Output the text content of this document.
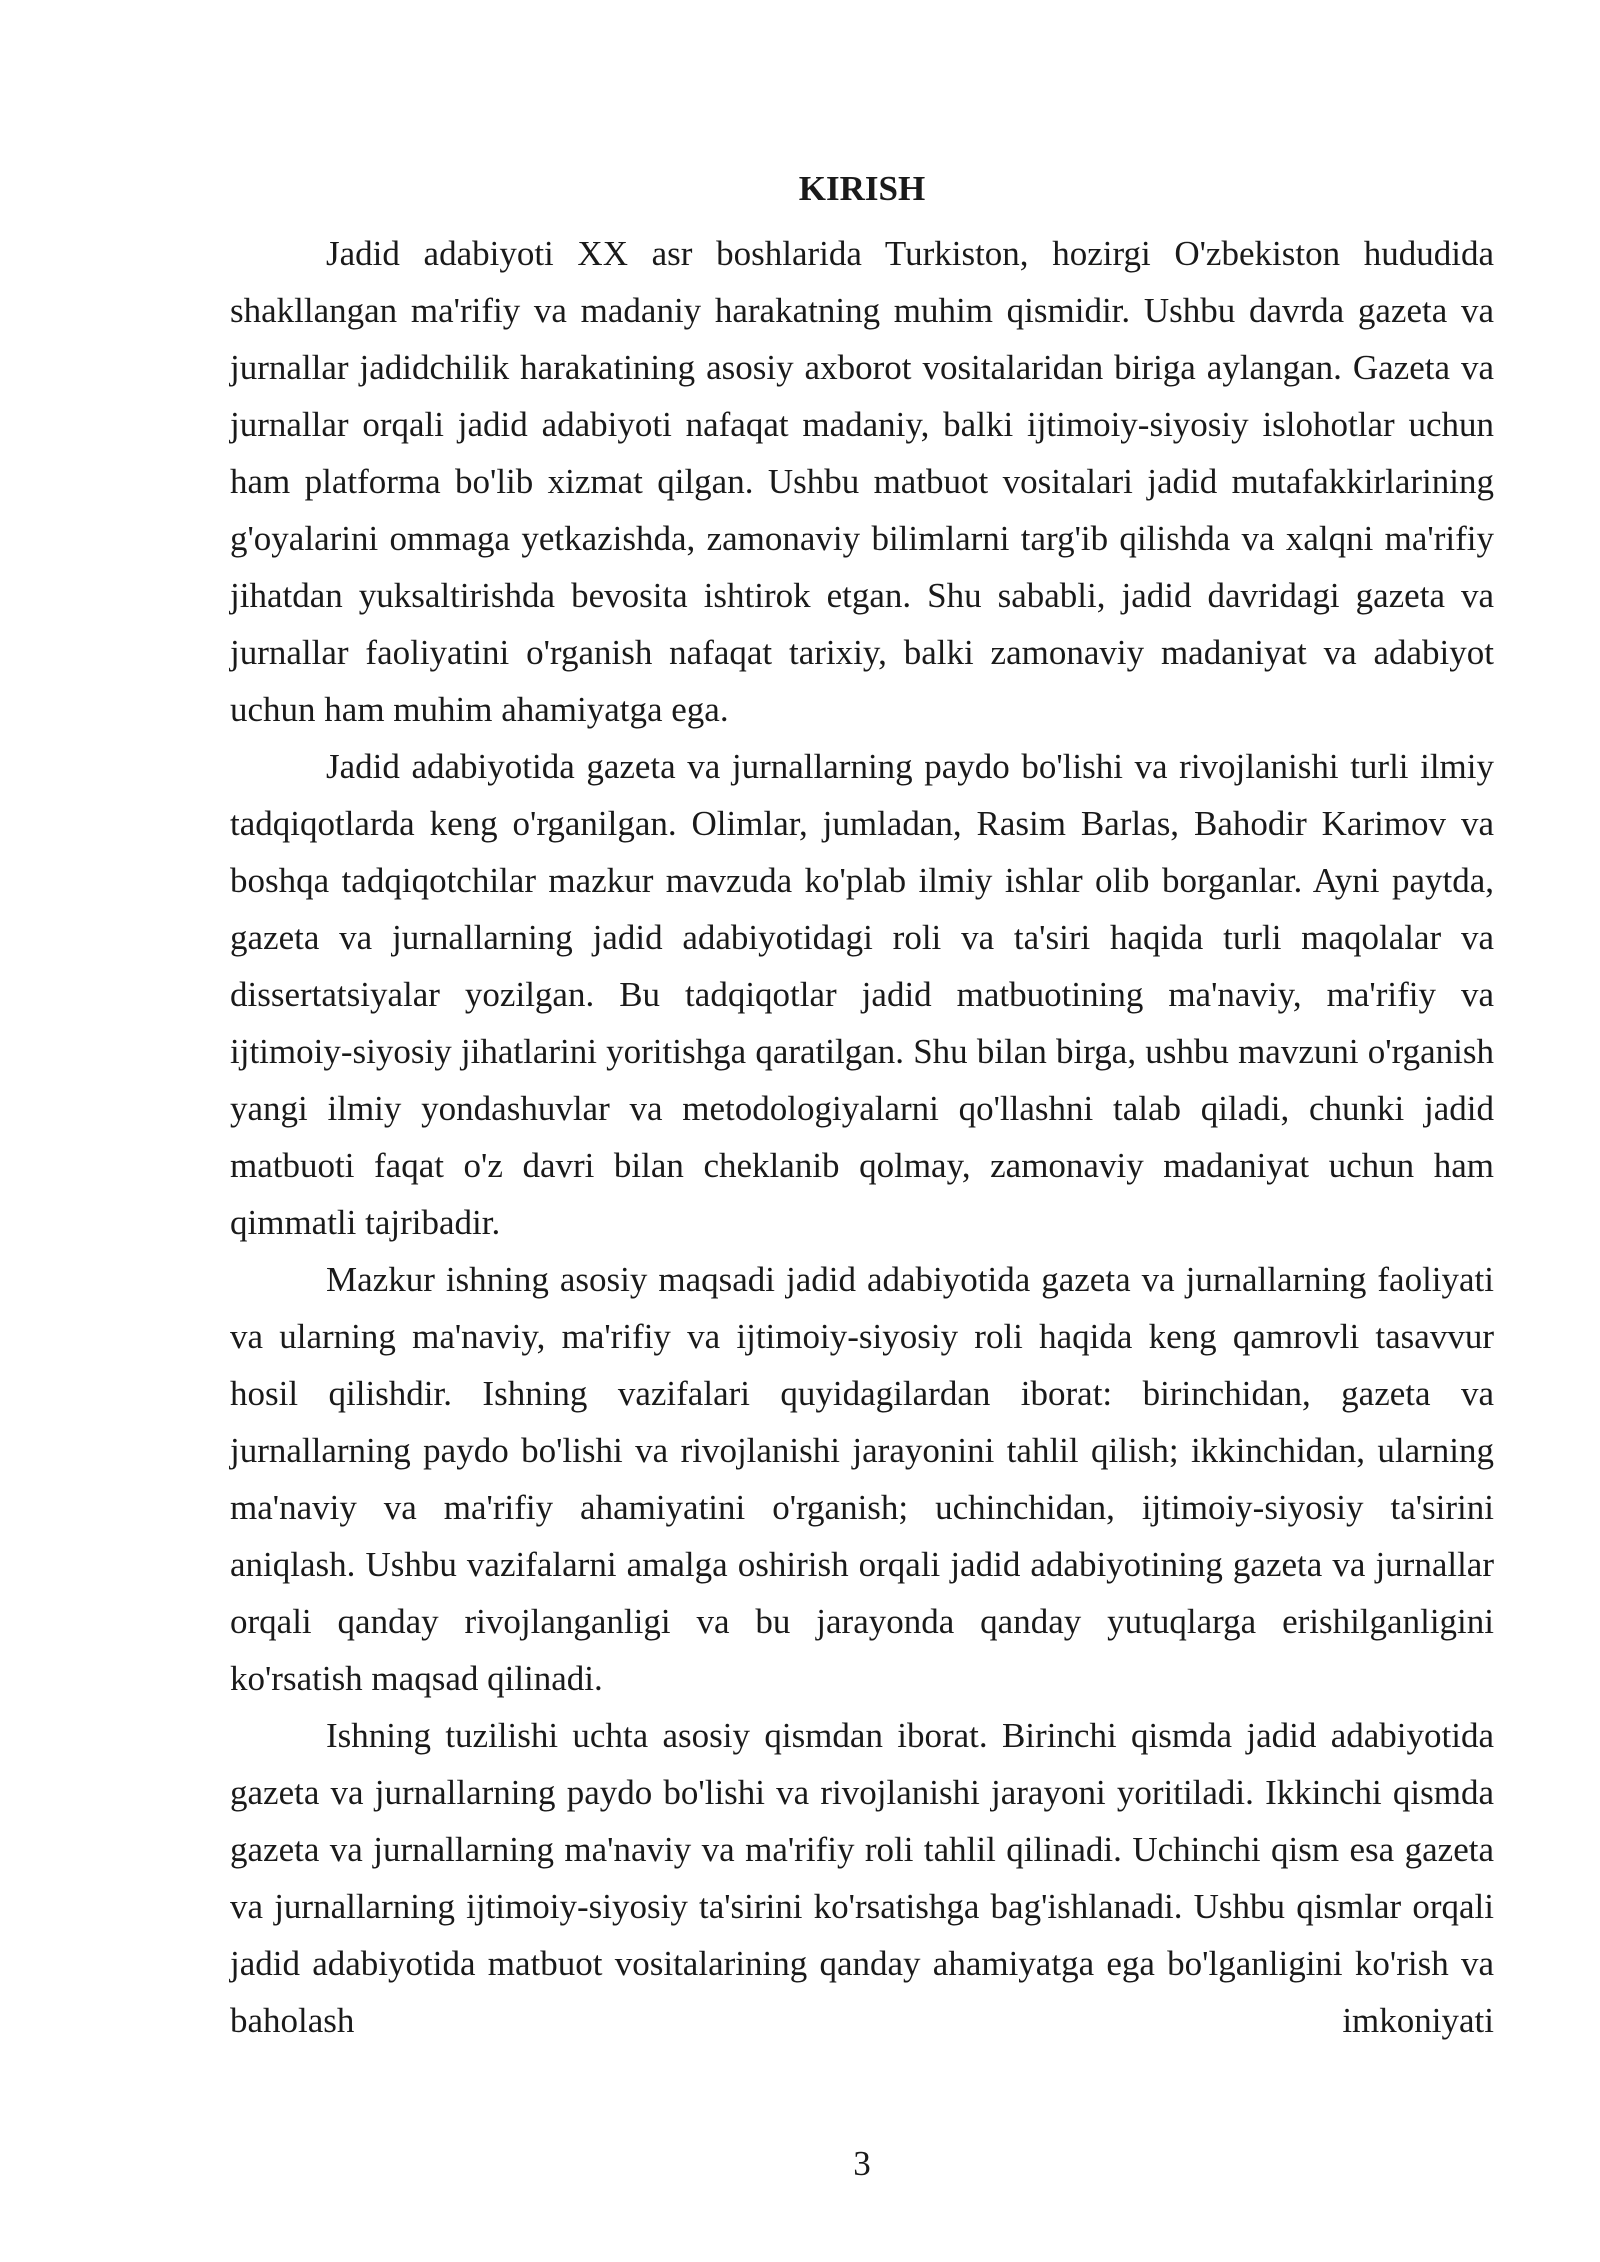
KIRISH

Jadid adabiyoti XX asr boshlarida Turkiston, hozirgi O'zbekiston hududida shakllangan ma'rifiy va madaniy harakatning muhim qismidir. Ushbu davrda gazeta va jurnallar jadidchilik harakatining asosiy axborot vositalaridan biriga aylangan. Gazeta va jurnallar orqali jadid adabiyoti nafaqat madaniy, balki ijtimoiy-siyosiy islohotlar uchun ham platforma bo'lib xizmat qilgan. Ushbu matbuot vositalari jadid mutafakkirlarining g'oyalarini ommaga yetkazishda, zamonaviy bilimlarni targ'ib qilishda va xalqni ma'rifiy jihatdan yuksaltirishda bevosita ishtirok etgan. Shu sababli, jadid davridagi gazeta va jurnallar faoliyatini o'rganish nafaqat tarixiy, balki zamonaviy madaniyat va adabiyot uchun ham muhim ahamiyatga ega.

Jadid adabiyotida gazeta va jurnallarning paydo bo'lishi va rivojlanishi turli ilmiy tadqiqotlarda keng o'rganilgan. Olimlar, jumladan, Rasim Barlas, Bahodir Karimov va boshqa tadqiqotchilar mazkur mavzuda ko'plab ilmiy ishlar olib borganlar. Ayni paytda, gazeta va jurnallarning jadid adabiyotidagi roli va ta'siri haqida turli maqolalar va dissertatsiyalar yozilgan. Bu tadqiqotlar jadid matbuotining ma'naviy, ma'rifiy va ijtimoiy-siyosiy jihatlarini yoritishga qaratilgan. Shu bilan birga, ushbu mavzuni o'rganish yangi ilmiy yondashuvlar va metodologiyalarni qo'llashni talab qiladi, chunki jadid matbuoti faqat o'z davri bilan cheklanib qolmay, zamonaviy madaniyat uchun ham qimmatli tajribadir.

Mazkur ishning asosiy maqsadi jadid adabiyotida gazeta va jurnallarning faoliyati va ularning ma'naviy, ma'rifiy va ijtimoiy-siyosiy roli haqida keng qamrovli tasavvur hosil qilishdir. Ishning vazifalari quyidagilardan iborat: birinchidan, gazeta va jurnallarning paydo bo'lishi va rivojlanishi jarayonini tahlil qilish; ikkinchidan, ularning ma'naviy va ma'rifiy ahamiyatini o'rganish; uchinchidan, ijtimoiy-siyosiy ta'sirini aniqlash. Ushbu vazifalarni amalga oshirish orqali jadid adabiyotining gazeta va jurnallar orqali qanday rivojlanganligi va bu jarayonda qanday yutuqlarga erishilganligini ko'rsatish maqsad qilinadi.

Ishning tuzilishi uchta asosiy qismdan iborat. Birinchi qismda jadid adabiyotida gazeta va jurnallarning paydo bo'lishi va rivojlanishi jarayoni yoritiladi. Ikkinchi qismda gazeta va jurnallarning ma'naviy va ma'rifiy roli tahlil qilinadi. Uchinchi qism esa gazeta va jurnallarning ijtimoiy-siyosiy ta'sirini ko'rsatishga bag'ishlanadi. Ushbu qismlar orqali jadid adabiyotida matbuot vositalarining qanday ahamiyatga ega bo'lganligini ko'rish va baholash imkoniyati

3
